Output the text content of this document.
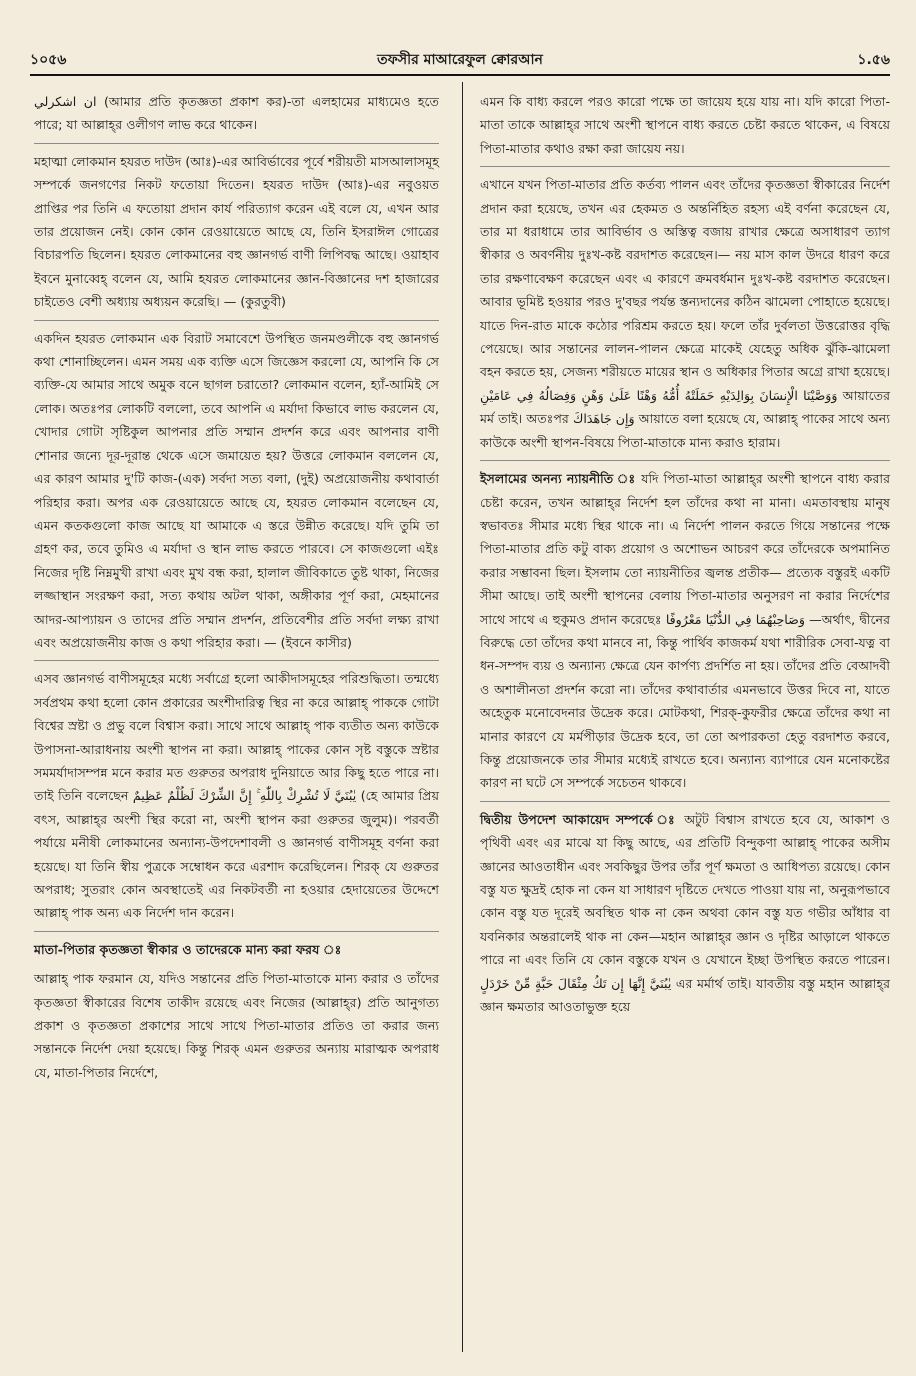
১০৫৬	তফসীর মাআরেফুল ক্বোরআন	১.৫৬

ان اشكرلي (আমার প্রতি কৃতজ্ঞতা প্রকাশ কর)-তা এলহামের মাধ্যমেও হতে পারে; যা আল্লাহ্‌র ওলীগণ লাভ করে থাকেন।

মহাত্মা লোকমান হযরত দাউদ (আঃ)-এর আবির্ভাবের পূর্বে শরীয়তী মাসআলাসমূহ সম্পর্কে জনগণের নিকট ফতোয়া দিতেন। হযরত দাউদ (আঃ)-এর নবুওয়ত প্রাপ্তির পর তিনি এ ফতোয়া প্রদান কার্য পরিত্যাগ করেন এই বলে যে, এখন আর তার প্রয়োজন নেই। কোন কোন রেওয়ায়েতে আছে যে, তিনি ইসরাঈল গোত্রের বিচারপতি ছিলেন। হযরত লোকমানের বহু জ্ঞানগর্ভ বাণী লিপিবদ্ধ আছে। ওয়াহাব ইবনে মুনাব্বেহ্ বলেন যে, আমি হযরত লোকমানের জ্ঞান-বিজ্ঞানের দশ হাজারের চাইতেও বেশী অধ্যায় অধ্যয়ন করেছি। — (কুরতুবী)

একদিন হযরত লোকমান এক বিরাট সমাবেশে উপস্থিত জনমণ্ডলীকে বহু জ্ঞানগর্ভ কথা শোনাচ্ছিলেন। এমন সময় এক ব্যক্তি এসে জিজ্ঞেস করলো যে, আপনি কি সে ব্যক্তি-যে আমার সাথে অমুক বনে ছাগল চরাতো? লোকমান বলেন, হ্যাঁ-আমিই সে লোক। অতঃপর লোকটি বললো, তবে আপনি এ মর্যাদা কিভাবে লাভ করলেন যে, খোদার গোটা সৃষ্টিকুল আপনার প্রতি সম্মান প্রদর্শন করে এবং আপনার বাণী শোনার জন্যে দূর-দূরান্ত থেকে এসে জমায়েত হয়? উত্তরে লোকমান বললেন যে, এর কারণ আমার দু'টি কাজ-(এক) সর্বদা সত্য বলা, (দুই) অপ্রয়োজনীয় কথাবার্তা পরিহার করা। অপর এক রেওয়ায়েতে আছে যে, হযরত লোকমান বলেছেন যে, এমন কতকগুলো কাজ আছে যা আমাকে এ স্তরে উন্নীত করেছে। যদি তুমি তা গ্রহণ কর, তবে তুমিও এ মর্যাদা ও স্থান লাভ করতে পারবে। সে কাজগুলো এইঃ নিজের দৃষ্টি নিম্নমুখী রাখা এবং মুখ বন্ধ করা, হালাল জীবিকাতে তুষ্ট থাকা, নিজের লজ্জাস্থান সংরক্ষণ করা, সত্য কথায় অটল থাকা, অঙ্গীকার পূর্ণ করা, মেহমানের আদর-আপ্যায়ন ও তাদের প্রতি সম্মান প্রদর্শন, প্রতিবেশীর প্রতি সর্বদা লক্ষ্য রাখা এবং অপ্রয়োজনীয় কাজ ও কথা পরিহার করা। — (ইবনে কাসীর)

এসব জ্ঞানগর্ভ বাণীসমূহের মধ্যে সর্বাগ্রে হলো আকীদাসমূহের পরিশুদ্ধিতা। তন্মধ্যে সর্বপ্রথম কথা হলো কোন প্রকারের অংশীদারিত্ব স্থির না করে আল্লাহ্ পাককে গোটা বিশ্বের স্রষ্টা ও প্রভু বলে বিশ্বাস করা। সাথে সাথে আল্লাহ্ পাক ব্যতীত অন্য কাউকে উপাসনা-আরাধনায় অংশী স্থাপন না করা। আল্লাহ্ পাকের কোন সৃষ্ট বস্তুকে স্রষ্টার সমমর্যাদাসম্পন্ন মনে করার মত গুরুতর অপরাধ দুনিয়াতে আর কিছু হতে পারে না। তাই তিনি বলেছেন يٰبُنَيَّ لَا تُشْرِكْ بِاللّٰهِ ۚ إِنَّ الشِّرْكَ لَظُلْمٌ عَظِيمٌ (হে আমার প্রিয় বৎস, আল্লাহ্‌র অংশী স্থির করো না, অংশী স্থাপন করা গুরুতর জুলুম)। পরবর্তী পর্যায়ে মনীষী লোকমানের অন্যান্য-উপদেশাবলী ও জ্ঞানগর্ভ বাণীসমূহ বর্ণনা করা হয়েছে। যা তিনি স্বীয় পুত্রকে সম্বোধন করে এরশাদ করেছিলেন। শিরক্ যে গুরুতর অপরাধ; সুতরাং কোন অবস্থাতেই এর নিকটবর্তী না হওয়ার হেদায়েতের উদ্দেশে আল্লাহ্ পাক অন্য এক নির্দেশ দান করেন।

মাতা-পিতার কৃতজ্ঞতা স্বীকার ও তাদেরকে মান্য করা ফরয ঃ

আল্লাহ্ পাক ফরমান যে, যদিও সন্তানের প্রতি পিতা-মাতাকে মান্য করার ও তাঁদের কৃতজ্ঞতা স্বীকারের বিশেষ তাকীদ রয়েছে এবং নিজের (আল্লাহ্‌র) প্রতি আনুগত্য প্রকাশ ও কৃতজ্ঞতা প্রকাশের সাথে সাথে পিতা-মাতার প্রতিও তা করার জন্য সন্তানকে নির্দেশ দেয়া হয়েছে। কিন্তু শিরক্ এমন গুরুতর অন্যায় মারাত্মক অপরাধ যে, মাতা-পিতার নির্দেশে,

এমন কি বাধ্য করলে পরও কারো পক্ষে তা জায়েয হয়ে যায় না। যদি কারো পিতা-মাতা তাকে আল্লাহ্‌র সাথে অংশী স্থাপনে বাধ্য করতে চেষ্টা করতে থাকেন, এ বিষয়ে পিতা-মাতার কথাও রক্ষা করা জায়েয নয়।

এখানে যখন পিতা-মাতার প্রতি কর্তব্য পালন এবং তাঁদের কৃতজ্ঞতা স্বীকারের নির্দেশ প্রদান করা হয়েছে, তখন এর হেকমত ও অন্তর্নিহিত রহস্য এই বর্ণনা করেছেন যে, তার মা ধরাধামে তার আবির্ভাব ও অস্তিত্ব বজায় রাখার ক্ষেত্রে অসাধারণ ত্যাগ স্বীকার ও অবর্ণনীয় দুঃখ-কষ্ট বরদাশত করেছেন।— নয় মাস কাল উদরে ধারণ করে তার রক্ষণাবেক্ষণ করেছেন এবং এ কারণে ক্রমবর্ধমান দুঃখ-কষ্ট বরদাশত করেছেন। আবার ভূমিষ্ট হওয়ার পরও দু'বছর পর্যন্ত স্তন্যদানের কঠিন ঝামেলা পোহাতে হয়েছে। যাতে দিন-রাত মাকে কঠোর পরিশ্রম করতে হয়। ফলে তাঁর দুর্বলতা উত্তরোত্তর বৃদ্ধি পেয়েছে। আর সন্তানের লালন-পালন ক্ষেত্রে মাকেই যেহেতু অধিক ঝুঁকি-ঝামেলা বহন করতে হয়, সেজন্য শরীয়তে মায়ের স্থান ও অধিকার পিতার অগ্রে রাখা হয়েছে। وَوَصَّيْنَا الْإِنسَانَ بِوَالِدَيْهِ حَمَلَتْهُ أُمُّهُ وَهْنًا عَلَىٰ وَهْنٍ وَفِصَالُهُ فِي عَامَيْنِ আয়াতের মর্ম তাই। অতঃপর وَإِن جَاهَدَاكَ আয়াতে বলা হয়েছে যে, আল্লাহ্ পাকের সাথে অন্য কাউকে অংশী স্থাপন-বিষয়ে পিতা-মাতাকে মান্য করাও হারাম।

ইসলামের অনন্য ন্যায়নীতি ঃ যদি পিতা-মাতা আল্লাহ্‌র অংশী স্থাপনে বাধ্য করার চেষ্টা করেন, তখন আল্লাহ্‌র নির্দেশ হল তাঁদের কথা না মানা। এমতাবস্থায় মানুষ স্বভাবতঃ সীমার মধ্যে স্থির থাকে না। এ নির্দেশ পালন করতে গিয়ে সন্তানের পক্ষে পিতা-মাতার প্রতি কটু বাক্য প্রয়োগ ও অশোভন আচরণ করে তাঁদেরকে অপমানিত করার সম্ভাবনা ছিল। ইসলাম তো ন্যায়নীতির জ্বলন্ত প্রতীক— প্রত্যেক বস্তুরই একটি সীমা আছে। তাই অংশী স্থাপনের বেলায় পিতা-মাতার অনুসরণ না করার নির্দেশের সাথে সাথে এ হুকুমও প্রদান করেছেঃ وَصَاحِبْهُمَا فِي الدُّنْيَا مَعْرُوفًا —অর্থাৎ, দ্বীনের বিরুদ্ধে তো তাঁদের কথা মানবে না, কিন্তু পার্থিব কাজকর্ম যথা শারীরিক সেবা-যত্ন বা ধন-সম্পদ ব্যয় ও অন্যান্য ক্ষেত্রে যেন কার্পণ্য প্রদর্শিত না হয়। তাঁদের প্রতি বেআদবী ও অশালীনতা প্রদর্শন করো না। তাঁদের কথাবার্তার এমনভাবে উত্তর দিবে না, যাতে অহেতুক মনোবেদনার উদ্রেক করে। মোটকথা, শিরক্-কুফরীর ক্ষেত্রে তাঁদের কথা না মানার কারণে যে মর্মপীড়ার উদ্রেক হবে, তা তো অপারকতা হেতু বরদাশত করবে, কিন্তু প্রয়োজনকে তার সীমার মধ্যেই রাখতে হবে। অন্যান্য ব্যাপারে যেন মনোকষ্টের কারণ না ঘটে সে সম্পর্কে সচেতন থাকবে।

দ্বিতীয় উপদেশ আকায়েদ সম্পর্কে ঃ অটুট বিশ্বাস রাখতে হবে যে, আকাশ ও পৃথিবী এবং এর মাঝে যা কিছু আছে, এর প্রতিটি বিন্দুকণা আল্লাহ্ পাকের অসীম জ্ঞানের আওতাধীন এবং সবকিছুর উপর তাঁর পূর্ণ ক্ষমতা ও আধিপত্য রয়েছে। কোন বস্তু যত ক্ষুদ্রই হোক না কেন যা সাধারণ দৃষ্টিতে দেখতে পাওয়া যায় না, অনুরূপভাবে কোন বস্তু যত দূরেই অবস্থিত থাক না কেন অথবা কোন বস্তু যত গভীর আঁধার বা যবনিকার অন্তরালেই থাক না কেন—মহান আল্লাহ্‌র জ্ঞান ও দৃষ্টির আড়ালে থাকতে পারে না এবং তিনি যে কোন বস্তুকে যখন ও যেখানে ইচ্ছা উপস্থিত করতে পারেন। يٰبُنَيَّ إِنَّهَا إِن تَكُ مِثْقَالَ حَبَّةٍ مِّنْ خَرْدَلٍ এর মর্মার্থ তাই। যাবতীয় বস্তু মহান আল্লাহ্‌র জ্ঞান ক্ষমতার আওতাভুক্ত হয়ে
